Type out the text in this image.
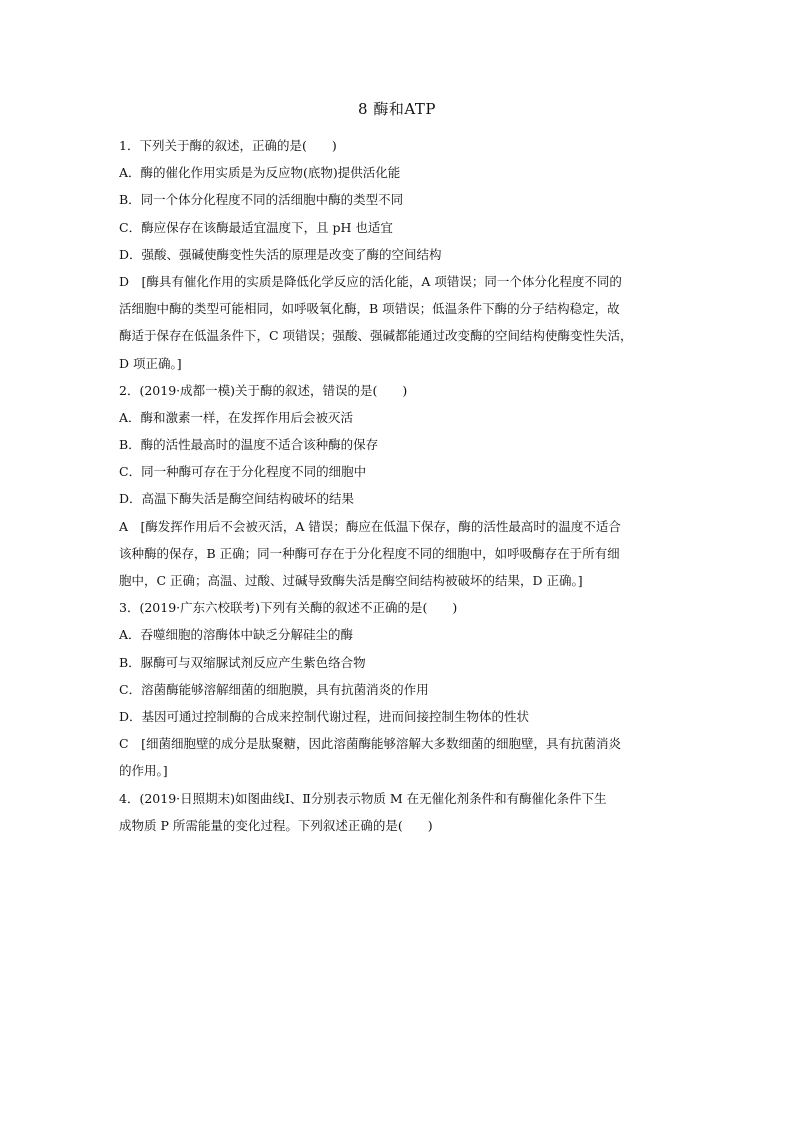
8 酶和ATP
1．下列关于酶的叙述，正确的是(　　)
A．酶的催化作用实质是为反应物(底物)提供活化能
B．同一个体分化程度不同的活细胞中酶的类型不同
C．酶应保存在该酶最适宜温度下，且 pH 也适宜
D．强酸、强碱使酶变性失活的原理是改变了酶的空间结构
D　[酶具有催化作用的实质是降低化学反应的活化能，A 项错误；同一个体分化程度不同的
活细胞中酶的类型可能相同，如呼吸氧化酶，B 项错误；低温条件下酶的分子结构稳定，故
酶适于保存在低温条件下，C 项错误；强酸、强碱都能通过改变酶的空间结构使酶变性失活，
D 项正确。]
2．(2019·成都一模)关于酶的叙述，错误的是(　　)
A．酶和激素一样，在发挥作用后会被灭活
B．酶的活性最高时的温度不适合该种酶的保存
C．同一种酶可存在于分化程度不同的细胞中
D．高温下酶失活是酶空间结构破坏的结果
A　[酶发挥作用后不会被灭活，A 错误；酶应在低温下保存，酶的活性最高时的温度不适合
该种酶的保存，B 正确；同一种酶可存在于分化程度不同的细胞中，如呼吸酶存在于所有细
胞中，C 正确；高温、过酸、过碱导致酶失活是酶空间结构被破坏的结果，D 正确。]
3．(2019·广东六校联考)下列有关酶的叙述不正确的是(　　)
A．吞噬细胞的溶酶体中缺乏分解硅尘的酶
B．脲酶可与双缩脲试剂反应产生紫色络合物
C．溶菌酶能够溶解细菌的细胞膜，具有抗菌消炎的作用
D．基因可通过控制酶的合成来控制代谢过程，进而间接控制生物体的性状
C　[细菌细胞壁的成分是肽聚糖，因此溶菌酶能够溶解大多数细菌的细胞壁，具有抗菌消炎
的作用。]
4．(2019·日照期末)如图曲线Ⅰ、Ⅱ分别表示物质 M 在无催化剂条件和有酶催化条件下生
成物质 P 所需能量的变化过程。下列叙述正确的是(　　)
